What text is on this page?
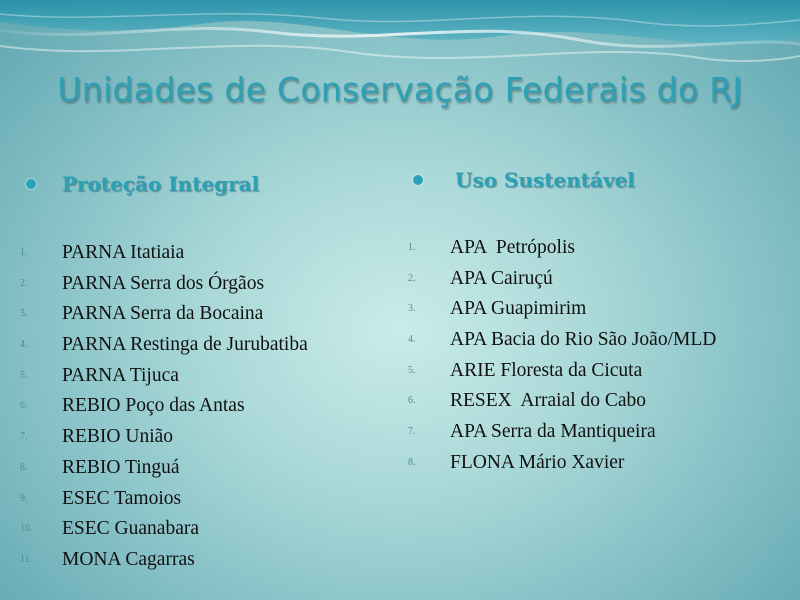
Unidades de Conservação Federais do RJ
Proteção Integral	Uso Sustentável
1.	PARNA Itatiaia
2.	PARNA Serra dos Órgãos
3.	PARNA Serra da Bocaina
4.	PARNA Restinga de Jurubatiba
5.	PARNA Tijuca
6.	REBIO Poço das Antas
7.	REBIO União
8.	REBIO Tinguá
9.	ESEC Tamoios
10.	ESEC Guanabara
11.	MONA Cagarras
1.	APA  Petrópolis
2.	APA Cairuçú
3.	APA Guapimirim
4.	APA Bacia do Rio São João/MLD
5.	ARIE Floresta da Cicuta
6.	RESEX  Arraial do Cabo
7.	APA Serra da Mantiqueira
8.	FLONA Mário Xavier
